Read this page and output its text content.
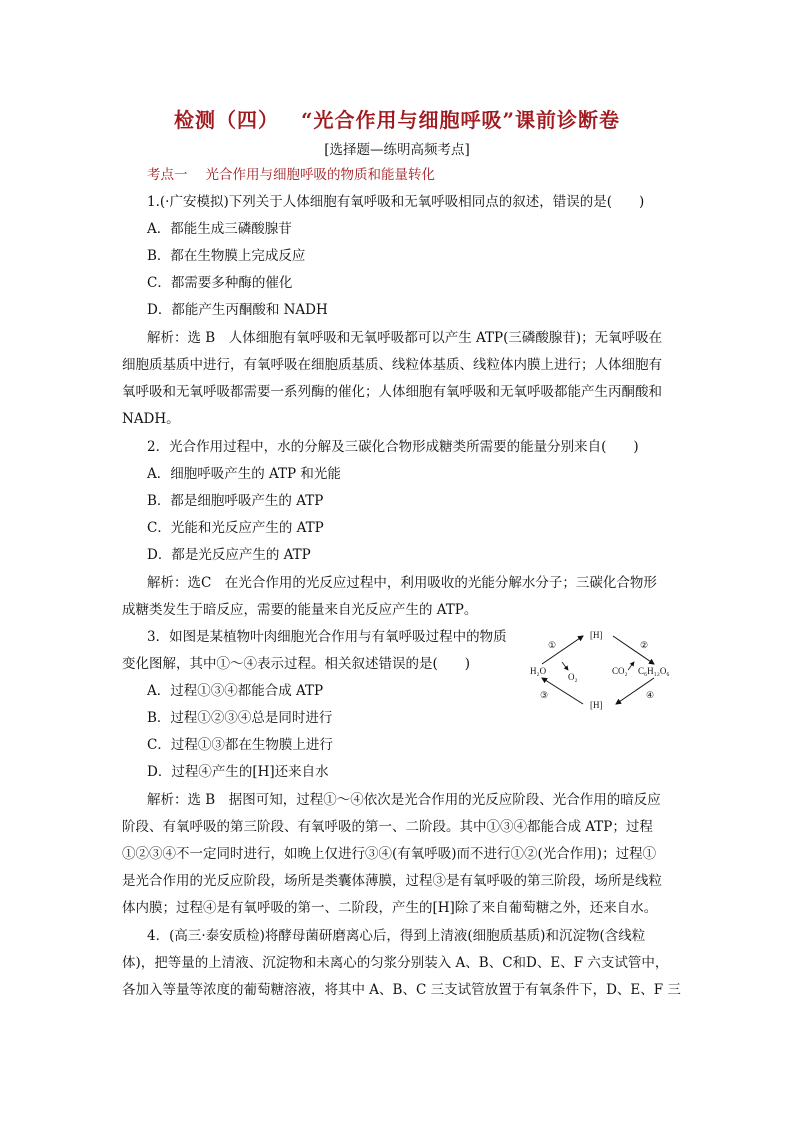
检测（四） “光合作用与细胞呼吸”课前诊断卷
[选择题—练明高频考点]
考点一 光合作用与细胞呼吸的物质和能量转化
1.(·广安模拟)下列关于人体细胞有氧呼吸和无氧呼吸相同点的叙述，错误的是(　　)
A．都能生成三磷酸腺苷
B．都在生物膜上完成反应
C．都需要多种酶的催化
D．都能产生丙酮酸和 NADH
解析：选 B　人体细胞有氧呼吸和无氧呼吸都可以产生 ATP(三磷酸腺苷)；无氧呼吸在
细胞质基质中进行，有氧呼吸在细胞质基质、线粒体基质、线粒体内膜上进行；人体细胞有
氧呼吸和无氧呼吸都需要一系列酶的催化；人体细胞有氧呼吸和无氧呼吸都能产生丙酮酸和
NADH。
2．光合作用过程中，水的分解及三碳化合物形成糖类所需要的能量分别来自(　　)
A．细胞呼吸产生的 ATP 和光能
B．都是细胞呼吸产生的 ATP
C．光能和光反应产生的 ATP
D．都是光反应产生的 ATP
解析：选C　在光合作用的光反应过程中，利用吸收的光能分解水分子；三碳化合物形
成糖类发生于暗反应，需要的能量来自光反应产生的 ATP。
3．如图是某植物叶肉细胞光合作用与有氧呼吸过程中的物质
变化图解，其中①～④表示过程。相关叙述错误的是(　　)
A．过程①③④都能合成 ATP
B．过程①②③④总是同时进行
C．过程①③都在生物膜上进行
D．过程④产生的[H]还来自水
解析：选 B　据图可知，过程①～④依次是光合作用的光反应阶段、光合作用的暗反应
阶段、有氧呼吸的第三阶段、有氧呼吸的第一、二阶段。其中①③④都能合成 ATP；过程
①②③④不一定同时进行，如晚上仅进行③④(有氧呼吸)而不进行①②(光合作用)；过程①
是光合作用的光反应阶段，场所是类囊体薄膜，过程③是有氧呼吸的第三阶段，场所是线粒
体内膜；过程④是有氧呼吸的第一、二阶段，产生的[H]除了来自葡萄糖之外，还来自水。
[H]
[H]
H₂O
O₂
CO₂ C₆H₁₂O₆
①	②
③	④
4．(高三·泰安质检)将酵母菌研磨离心后，得到上清液(细胞质基质)和沉淀物(含线粒
体)，把等量的上清液、沉淀物和未离心的匀浆分别装入 A、B、C和D、E、F 六支试管中，
各加入等量等浓度的葡萄糖溶液，将其中 A、B、C 三支试管放置于有氧条件下，D、E、F 三
